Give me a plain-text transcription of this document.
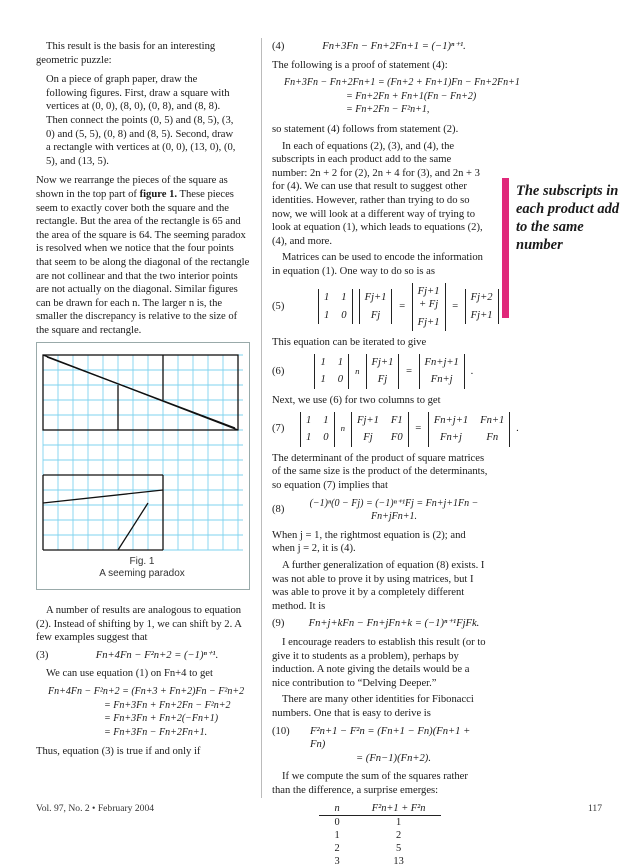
This result is the basis for an interesting geometric puzzle:

On a piece of graph paper, draw the following figures. First, draw a square with vertices at (0, 0), (8, 0), (0, 8), and (8, 8). Then connect the points (0, 5) and (8, 5), (3, 0) and (5, 5), (0, 8) and (8, 5). Second, draw a rectangle with vertices at (0, 0), (13, 0), (0, 5), and (13, 5).

Now we rearrange the pieces of the square as shown in the top part of figure 1. These pieces seem to exactly cover both the square and the rectangle. But the area of the rectangle is 65 and the area of the square is 64. The seeming paradox is resolved when we notice that the four points that seem to be along the diagonal of the rectangle are not collinear and that the two interior points are not actually on the diagonal. Similar figures can be drawn for each n. The larger n is, the smaller the discrepancy is relative to the size of the square and rectangle.

Fig. 1
A seeming paradox

A number of results are analogous to equation (2). Instead of shifting by 1, we can shift by 2. A few examples suggest that

(3)	Fn+4Fn − F²n+2 = (−1)ⁿ⁺¹.

We can use equation (1) on Fn+4 to get

Fn+4Fn − F²n+2 = (Fn+3 + Fn+2)Fn − F²n+2
= Fn+3Fn + Fn+2Fn − F²n+2
= Fn+3Fn + Fn+2(−Fn+1)
= Fn+3Fn − Fn+2Fn+1.

Thus, equation (3) is true if and only if

(4)	Fn+3Fn − Fn+2Fn+1 = (−1)ⁿ⁺¹.

The following is a proof of statement (4):

Fn+3Fn − Fn+2Fn+1 = (Fn+2 + Fn+1)Fn − Fn+2Fn+1
= Fn+2Fn + Fn+1(Fn − Fn+2)
= Fn+2Fn − F²n+1,

so statement (4) follows from statement (2).

In each of equations (2), (3), and (4), the subscripts in each product add to the same number: 2n + 2 for (2), 2n + 4 for (3), and 2n + 3 for (4). We can use that result to suggest other identities. However, rather than trying to do so now, we will look at a different way of trying to look at equation (1), which leads to equations (2), (4), and more.

Matrices can be used to encode the information in equation (1). One way to do so is as

(5)
1 1
1 0
Fj+1
Fj
=
Fj+1 + Fj
Fj+1
=
Fj+2
Fj+1

This equation can be iterated to give

(6)
1 1
1 0
n
Fj+1
Fj
=
Fn+j+1
Fn+j
.

Next, we use (6) for two columns to get

(7)
1 1
1 0
n
Fj+1 F1
Fj	F0
=
Fn+j+1 Fn+1
Fn+j	Fn
.

The determinant of the product of square matrices of the same size is the product of the determinants, so equation (7) implies that

(8)
(−1)ⁿ(0 − Fj) = (−1)ⁿ⁺¹Fj = Fn+j+1Fn − Fn+jFn+1.

When j = 1, the rightmost equation is (2); and when j = 2, it is (4).

A further generalization of equation (8) exists. I was not able to prove it by using matrices, but I was able to prove it by a completely different method. It is

(9)	Fn+j+kFn − Fn+jFn+k = (−1)ⁿ⁺¹FjFk.

I encourage readers to establish this result (or to give it to students as a problem), perhaps by induction. A note giving the details would be a nice contribution to “Delving Deeper.”

There are many other identities for Fibonacci numbers. One that is easy to derive is

(10)	F²n+1 − F²n = (Fn+1 − Fn)(Fn+1 + Fn)
= (Fn−1)(Fn+2).

If we compute the sum of the squares rather than the difference, a surprise emerges:

n	F²n+1 + F²n
0	1
1	2
2	5
3	13
The subscripts in each product add to the same number
Vol. 97, No. 2 • February 2004	117
